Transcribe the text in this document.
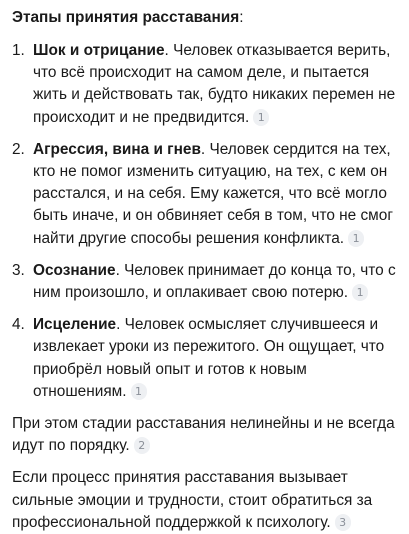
Этапы принятия расставания:
1. Шок и отрицание. Человек отказывается верить, что всё происходит на самом деле, и пытается жить и действовать так, будто никаких перемен не происходит и не предвидится. 1
2. Агрессия, вина и гнев. Человек сердится на тех, кто не помог изменить ситуацию, на тех, с кем он расстался, и на себя. Ему кажется, что всё могло быть иначе, и он обвиняет себя в том, что не смог найти другие способы решения конфликта. 1
3. Осознание. Человек принимает до конца то, что с ним произошло, и оплакивает свою потерю. 1
4. Исцеление. Человек осмысляет случившееся и извлекает уроки из пережитого. Он ощущает, что приобрёл новый опыт и готов к новым отношениям. 1

При этом стадии расставания нелинейны и не всегда идут по порядку. 2

Если процесс принятия расставания вызывает сильные эмоции и трудности, стоит обратиться за профессиональной поддержкой к психологу. 3
